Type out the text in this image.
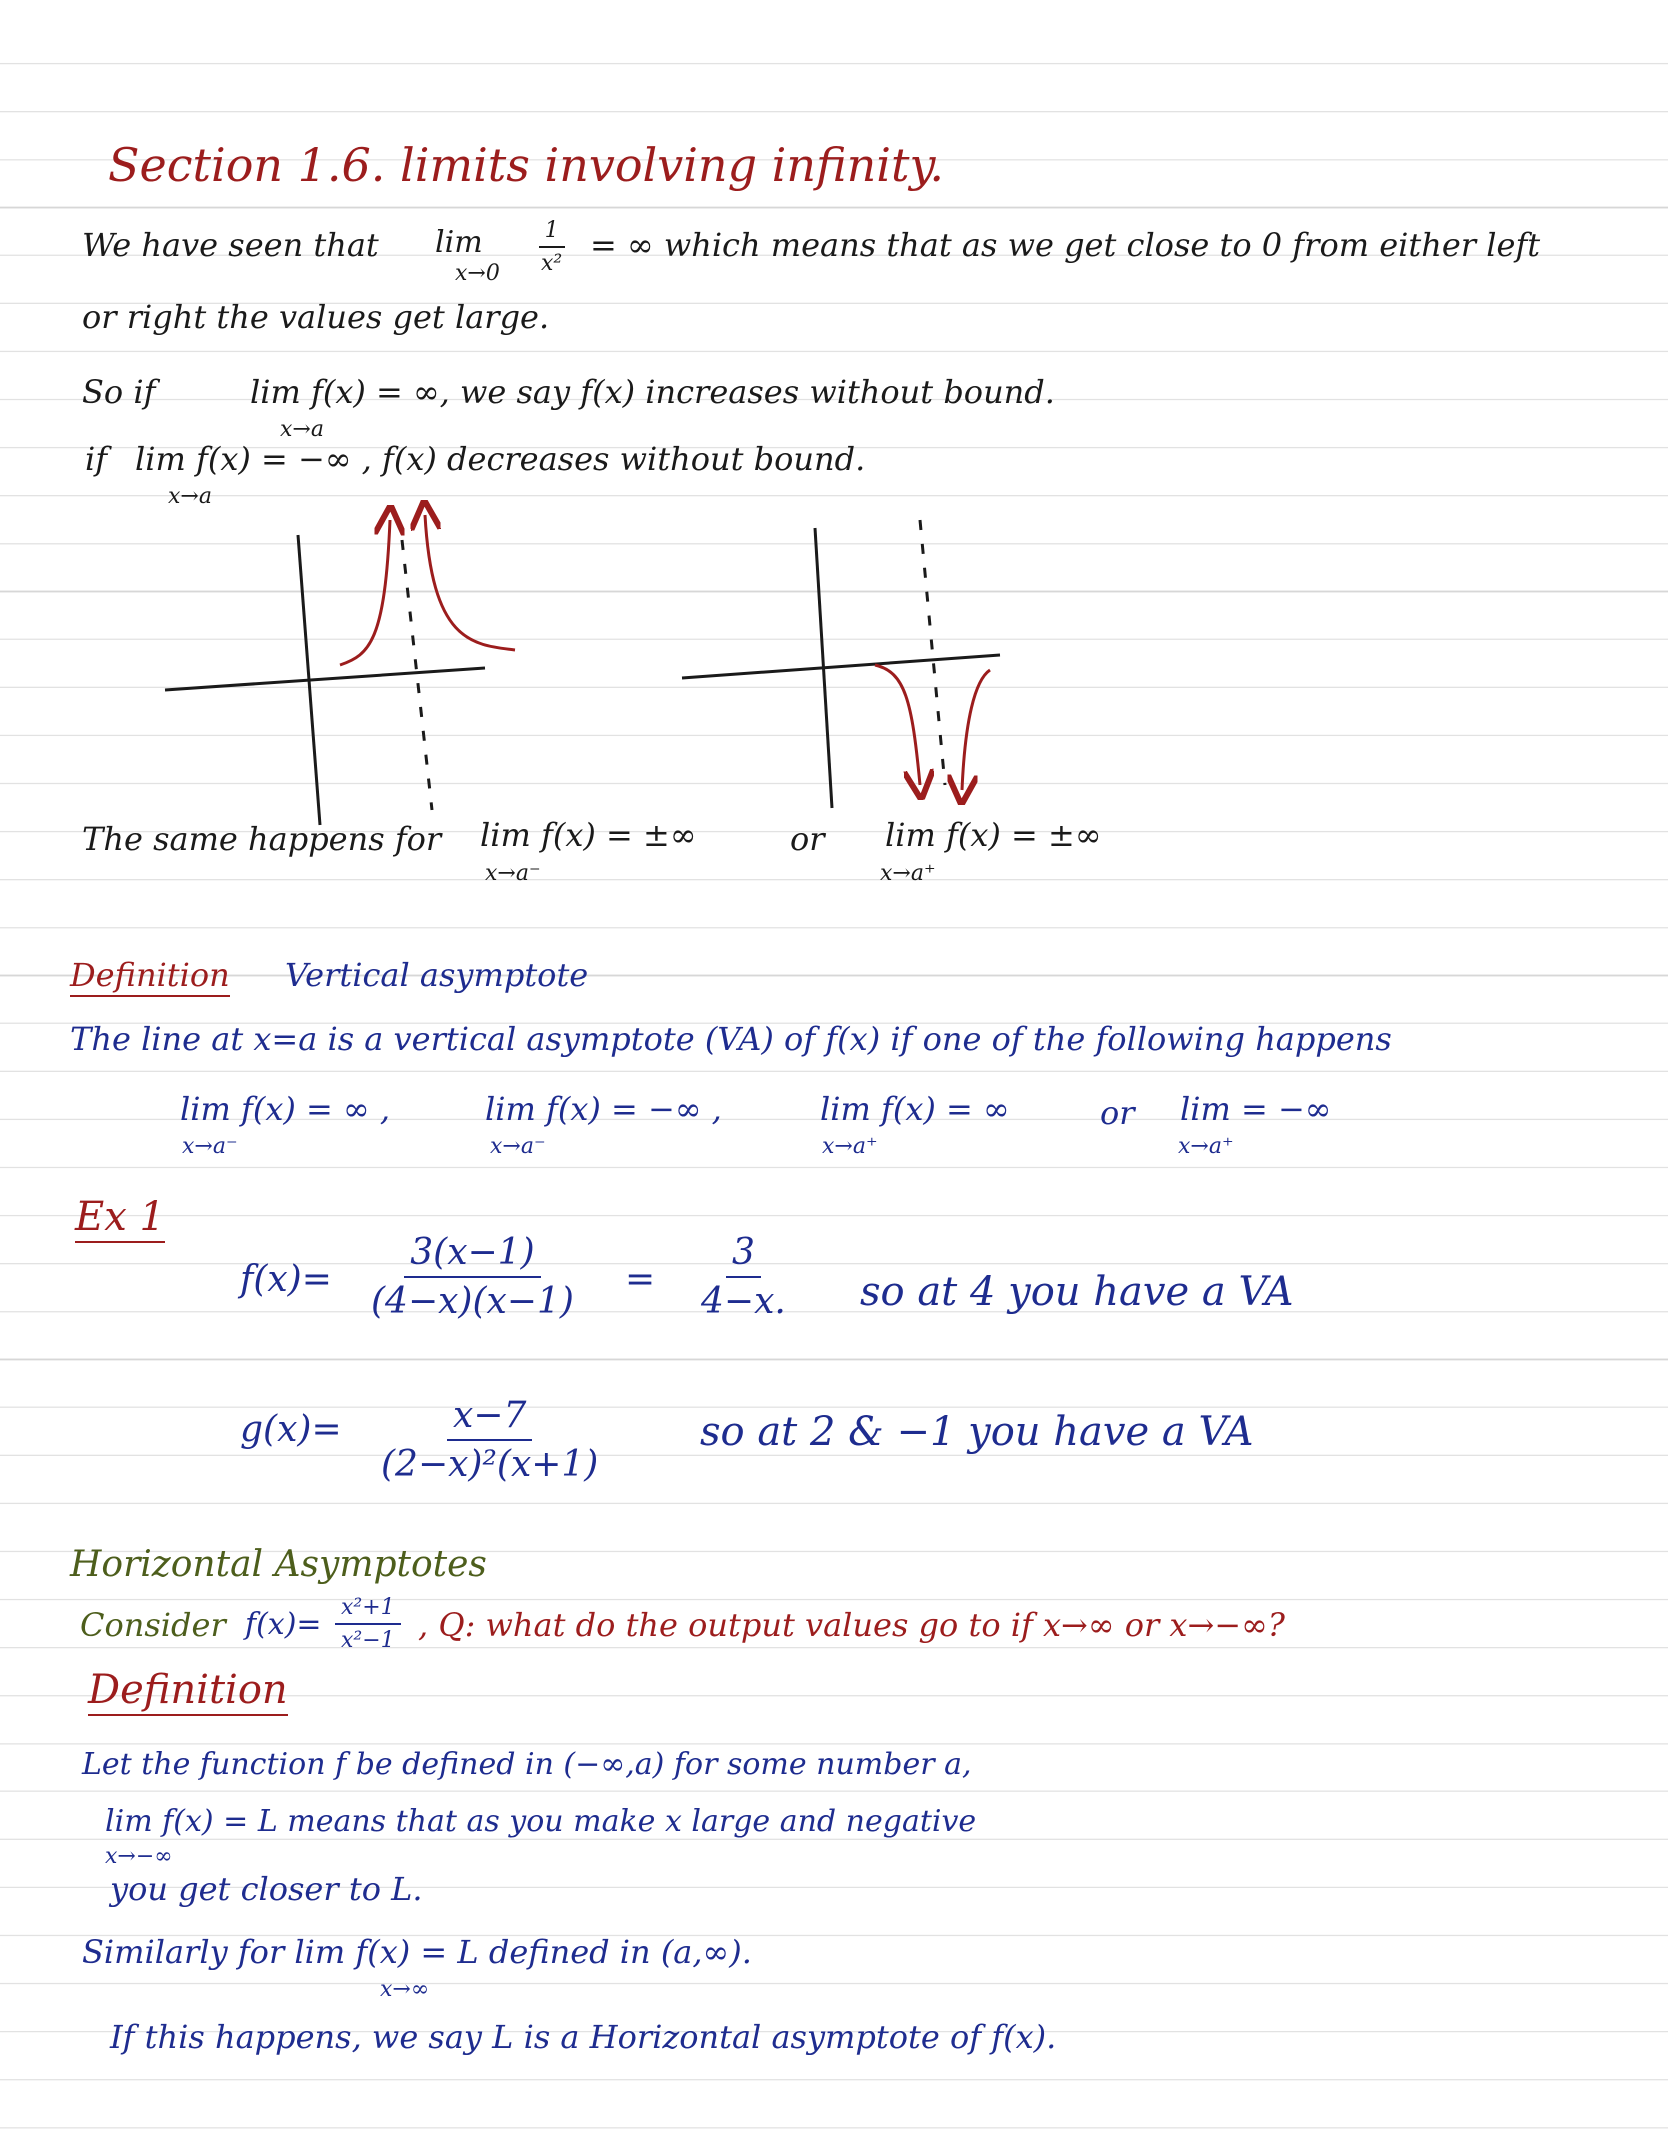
Section 1.6. limits involving infinity.
We have seen that lim
$x\to 0 \frac{1}{\text{x²}}$ = ∞ which means that as we get close to 0 from either left
or right the values get large.
So if	lim f(x) = ∞, we say f(x) increases without bound.
x→a
if lim f(x) = −∞ , f(x) decreases without bound.
x→a
The same happens for lim f(x) = ±∞
x→a⁻
or lim f(x) = ±∞
x→a⁺
Definition Vertical asymptote
The line at x=a is a vertical asymptote (VA) of f(x) if one of the following happens
lim f(x) = ∞ ,
x→a⁻
lim f(x) = −∞ ,
x→a⁻
lim f(x) = ∞
x→a⁺
or lim = −∞
x→a⁺
Ex 1
$f(x)= \frac{3(x-1)}{(4-x)(x-1)} = \frac{3}{4-x.}$ so at 4 you have a VA
$g(x)= \frac{x-7}{\text{(2−x)²(x+1)}}$ so at 2 & −1 you have a VA
Horizontal Asymptotes
Consider $f(x)= \frac{\text{x²+1}}{\text{x²−1}}$ , Q: what do the output values go to if x→∞ or x→−∞?
Definition
Let the function f be defined in (−∞,a) for some number a,
lim f(x) = L means that as you make x large and negative
x→−∞
you get closer to L.
Similarly for lim f(x) = L defined in (a,∞).
x→∞
If this happens, we say L is a Horizontal asymptote of f(x).
